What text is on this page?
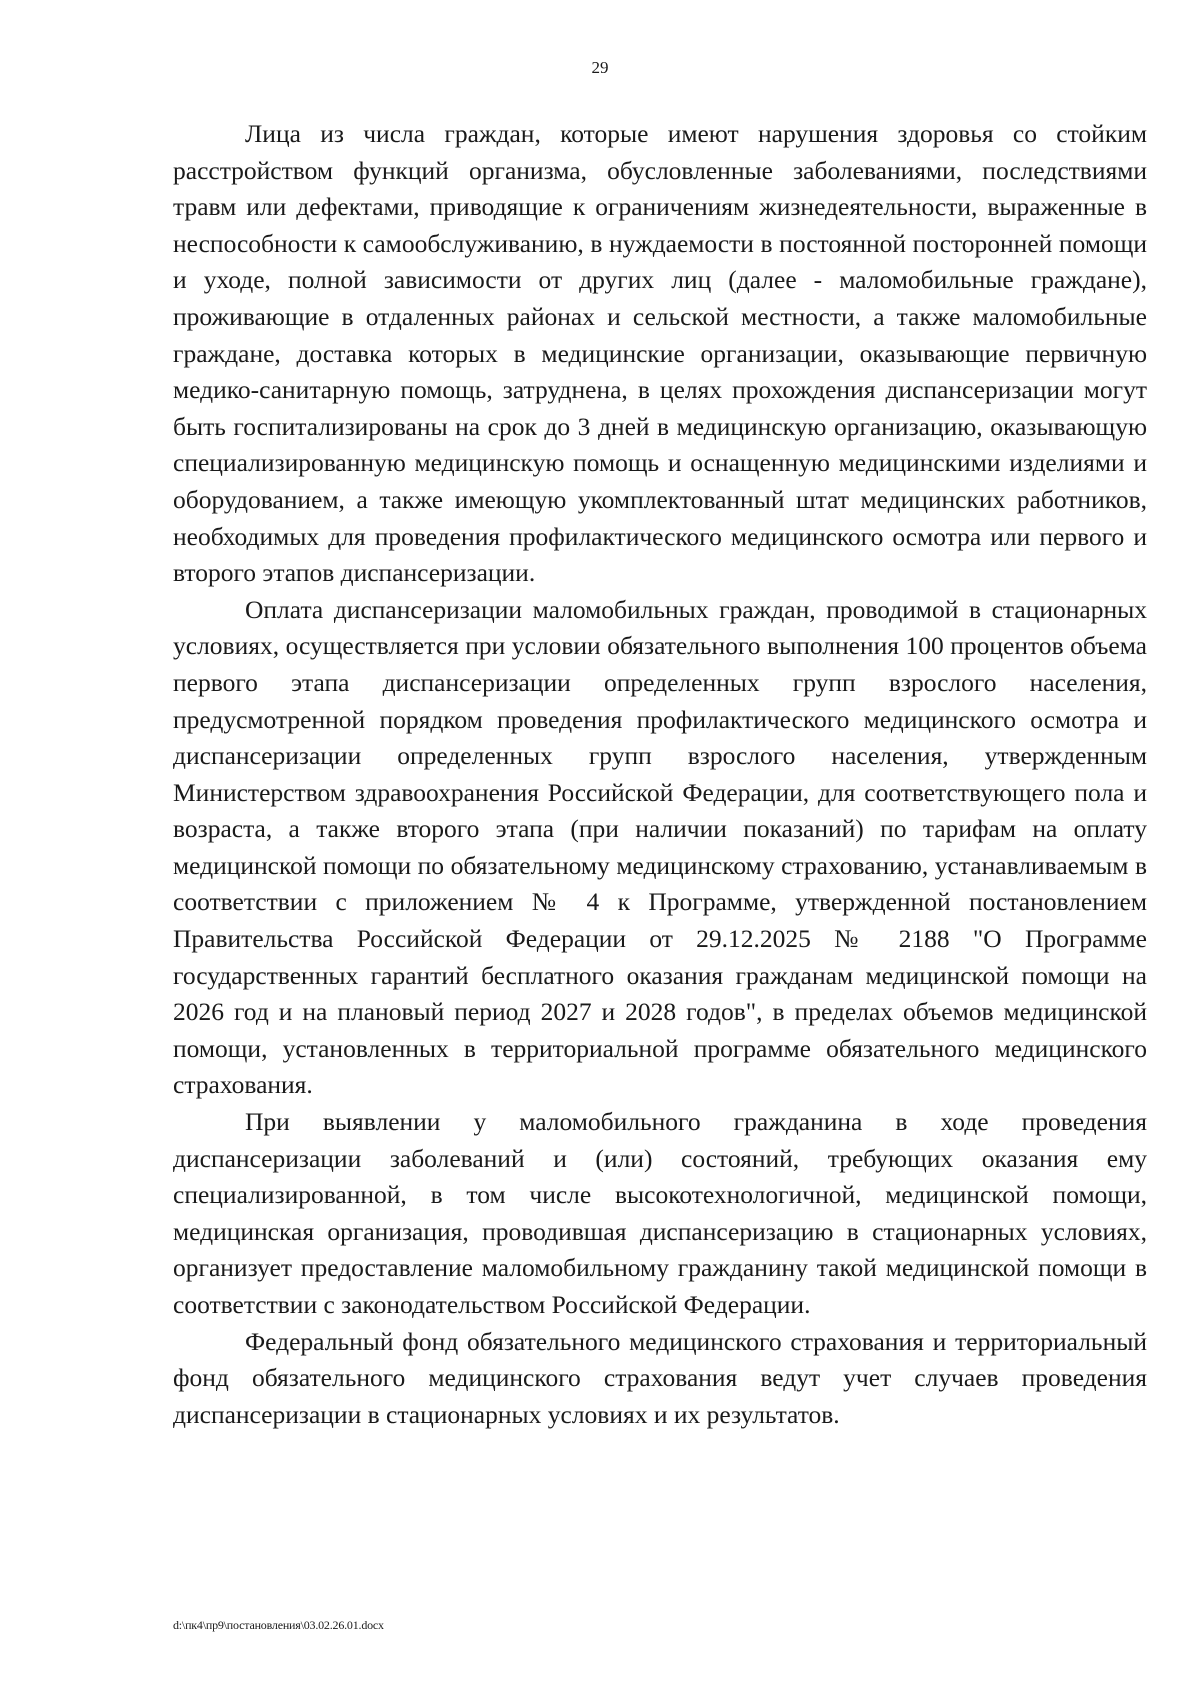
29

Лица из числа граждан, которые имеют нарушения здоровья со стойким расстройством функций организма, обусловленные заболеваниями, последствиями травм или дефектами, приводящие к ограничениям жизнедеятельности, выраженные в неспособности к самообслуживанию, в нуждаемости в постоянной посторонней помощи и уходе, полной зависимости от других лиц (далее - маломобильные граждане), проживающие в отдаленных районах и сельской местности, а также маломобильные граждане, доставка которых в медицинские организации, оказывающие первичную медико-санитарную помощь, затруднена, в целях прохождения диспансеризации могут быть госпитализированы на срок до 3 дней в медицинскую организацию, оказывающую специализированную медицинскую помощь и оснащенную медицинскими изделиями и оборудованием, а также имеющую укомплектованный штат медицинских работников, необходимых для проведения профилактического медицинского осмотра или первого и второго этапов диспансеризации.

Оплата диспансеризации маломобильных граждан, проводимой в стационарных условиях, осуществляется при условии обязательного выполнения 100 процентов объема первого этапа диспансеризации определенных групп взрослого населения, предусмотренной порядком проведения профилактического медицинского осмотра и диспансеризации определенных групп взрослого населения, утвержденным Министерством здравоохранения Российской Федерации, для соответствующего пола и возраста, а также второго этапа (при наличии показаний) по тарифам на оплату медицинской помощи по обязательному медицинскому страхованию, устанавливаемым в соответствии с приложением № 4 к Программе, утвержденной постановлением Правительства Российской Федерации от 29.12.2025 № 2188 "О Программе государственных гарантий бесплатного оказания гражданам медицинской помощи на 2026 год и на плановый период 2027 и 2028 годов", в пределах объемов медицинской помощи, установленных в территориальной программе обязательного медицинского страхования.

При выявлении у маломобильного гражданина в ходе проведения диспансеризации заболеваний и (или) состояний, требующих оказания ему специализированной, в том числе высокотехнологичной, медицинской помощи, медицинская организация, проводившая диспансеризацию в стационарных условиях, организует предоставление маломобильному гражданину такой медицинской помощи в соответствии с законодательством Российской Федерации.

Федеральный фонд обязательного медицинского страхования и территориальный фонд обязательного медицинского страхования ведут учет случаев проведения диспансеризации в стационарных условиях и их результатов.

d:\пк4\пр9\постановления\03.02.26.01.docx
